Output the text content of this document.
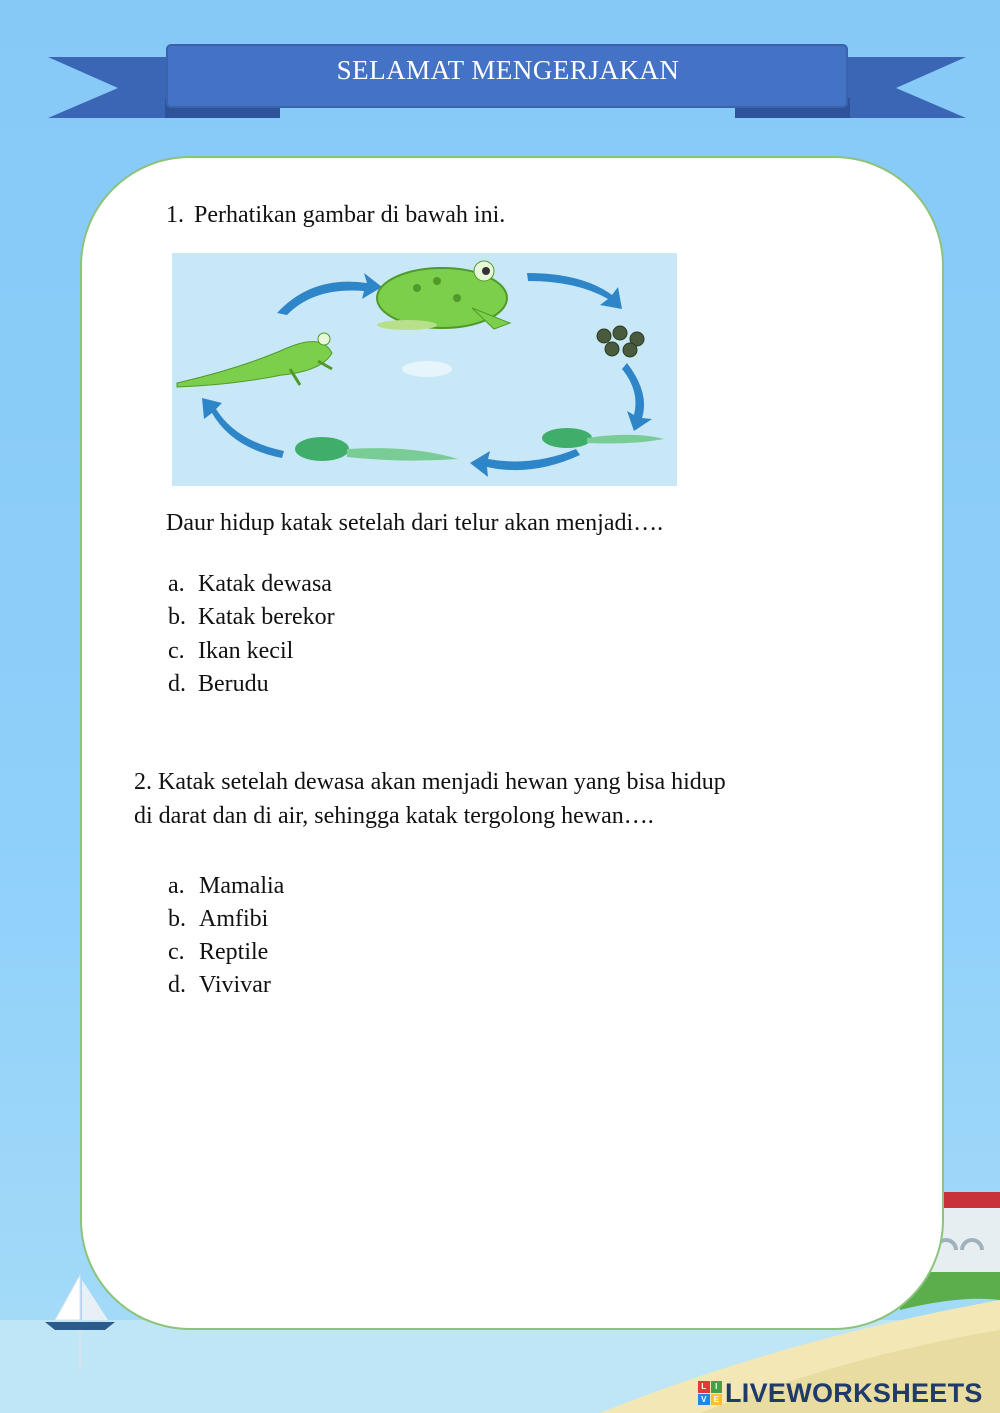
SELAMAT MENGERJAKAN
1. Perhatikan gambar di bawah ini.
Daur hidup katak setelah dari telur akan menjadi….
a. Katak dewasa
b. Katak berekor
c. Ikan kecil
d. Berudu
2. Katak setelah dewasa akan menjadi hewan yang bisa hidup
di darat dan di air, sehingga katak tergolong hewan….
a. Mamalia
b. Amfibi
c. Reptile
d. Vivivar
L	I
V E LIVEWORKSHEETS
